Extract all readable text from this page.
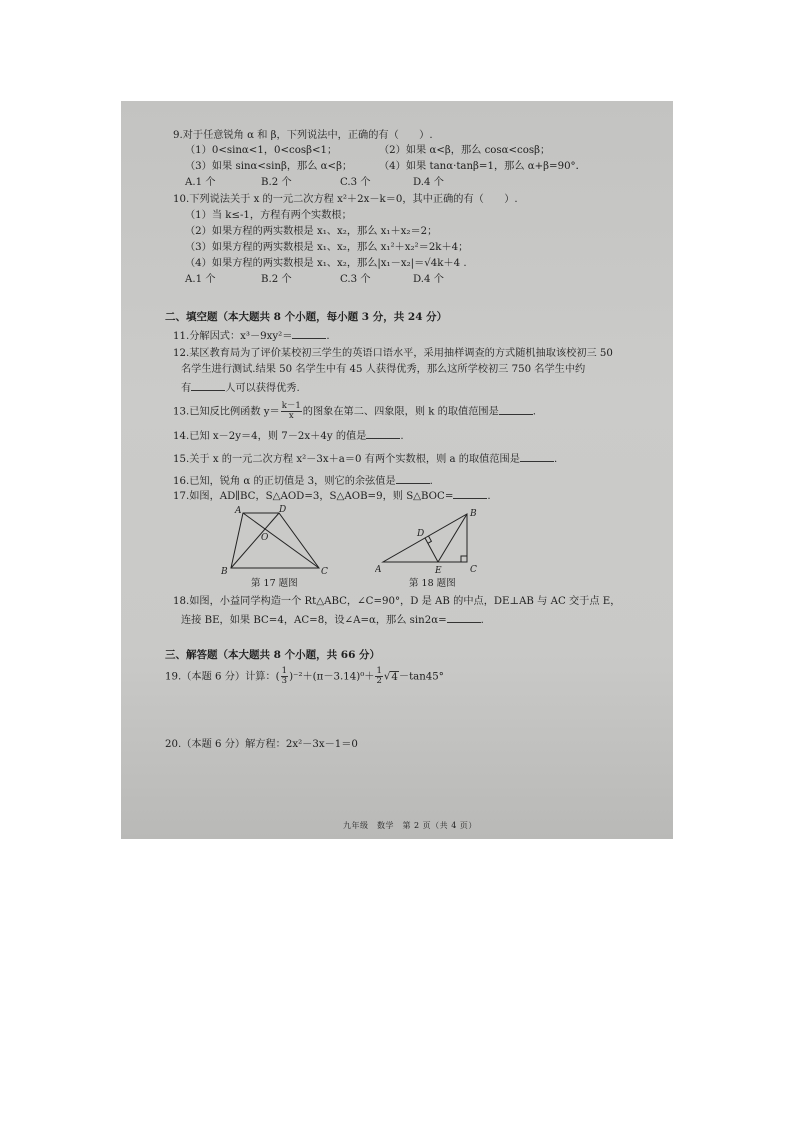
9.对于任意锐角 α 和 β，下列说法中，正确的有（　　）.
（1）0<sinα<1，0<cosβ<1；	（2）如果 α<β，那么 cosα<cosβ；
（3）如果 sinα<sinβ，那么 α<β；	（4）如果 tanα·tanβ=1，那么 α+β=90°．
A.1 个	B.2 个	C.3 个	D.4 个
10.下列说法关于 x 的一元二次方程 x²＋2x－k＝0，其中正确的有（　　）.
（1）当 k≤-1，方程有两个实数根；
（2）如果方程的两实数根是 x₁、x₂，那么 x₁＋x₂＝2；
（3）如果方程的两实数根是 x₁、x₂，那么 x₁²＋x₂²＝2k＋4；
（4）如果方程的两实数根是 x₁、x₂，那么|x₁－x₂|＝√4k＋4 .
A.1 个	B.2 个	C.3 个	D.4 个
二、填空题（本大题共 8 个小题，每小题 3 分，共 24 分）
11.分解因式：x³－9xy²＝	.
12.某区教育局为了评价某校初三学生的英语口语水平，采用抽样调查的方式随机抽取该校初三 50
名学生进行测试.结果 50 名学生中有 45 人获得优秀，那么这所学校初三 750 名学生中约
有	人可以获得优秀.
13.已知反比例函数 $y= \frac{k-1}{x}$ 的图象在第二、四象限，则 k 的取值范围是	.
14.已知 x－2y＝4，则 7－2x＋4y 的值是	.
15.关于 x 的一元二次方程 x²－3x＋a＝0 有两个实数根，则 a 的取值范围是	.
16.已知，锐角 α 的正切值是 3，则它的余弦值是	.
17.如图，AD∥BC，S△AOD=3，S△AOB=9，则 S△BOC=	.
A	D
O
B	C
第 17 题图
A
B
C
D
E
第 18 题图
18.如图，小益同学构造一个 Rt△ABC，∠C=90°，D 是 AB 的中点，DE⊥AB 与 AC 交于点 E，
连接 BE，如果 BC=4，AC=8，设∠A=α，那么 sin2α=	.
三、解答题（本大题共 8 个小题，共 66 分）
19.（本题 6 分）计算：( $\frac{1}{3} )^{-2}+(\pi-3.14)^0+ \frac{1}{2} √4-\tan 45^\circ$
20.（本题 6 分）解方程：2x²－3x－1＝0
九年级　数学　第 2 页（共 4 页）
